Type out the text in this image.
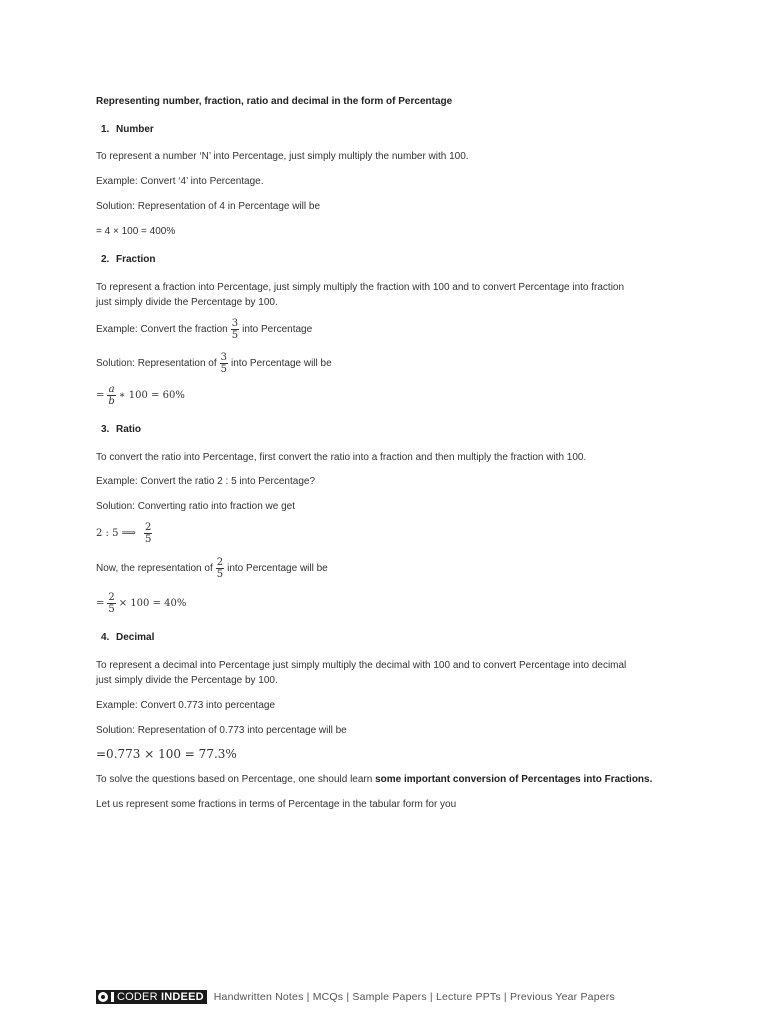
Representing number, fraction, ratio and decimal in the form of Percentage
1. Number
To represent a number ‘N’ into Percentage, just simply multiply the number with 100.
Example: Convert ‘4’ into Percentage.
Solution: Representation of 4 in Percentage will be
= 4 × 100 = 400%
2. Fraction
To represent a fraction into Percentage, just simply multiply the fraction with 100 and to convert Percentage into fraction
just simply divide the Percentage by 100.
Example: Convert the fraction $\frac{3}{5}$ into Percentage
Solution: Representation of $\frac{3}{5}$ into Percentage will be
= $\frac{a}{b}$ ∗ 100 = 60%
3. Ratio
To convert the ratio into Percentage, first convert the ratio into a fraction and then multiply the fraction with 100.
Example: Convert the ratio 2 : 5 into Percentage?
Solution: Converting ratio into fraction we get
2 : 5 ⟹ $\frac{2}{5}$
Now, the representation of $\frac{2}{5}$ into Percentage will be
= $\frac{2}{5} \times 100 = 40\%$
4. Decimal
To represent a decimal into Percentage just simply multiply the decimal with 100 and to convert Percentage into decimal
just simply divide the Percentage by 100.
Example: Convert 0.773 into percentage
Solution: Representation of 0.773 into percentage will be
=0.773 × 100 = 77.3%
To solve the questions based on Percentage, one should learn some important conversion of Percentages into Fractions.
Let us represent some fractions in terms of Percentage in the tabular form for you
CODER
INDEED Handwritten Notes | MCQs | Sample Papers | Lecture PPTs | Previous Year Papers
